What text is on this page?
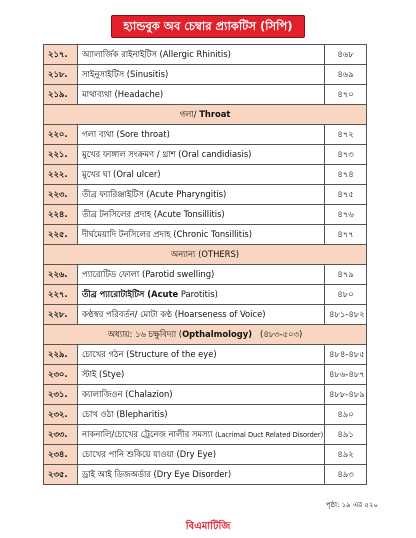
হ্যান্ডবুক অব চেম্বার প্র্যাকটিস (সিপি)
২১৭.	অ্যালার্জিক রাইনাইটিস (Allergic Rhinitis)	৪৬৮
২১৮.	সাইনুসাইটিস (Sinusitis)	৪৬৯
২১৯.	মাথাব্যথা (Headache)	৪৭০
গলা/ Throat		
২২০.	গলা ব্যথা (Sore throat)	৪৭২
২২১.	মুখের ফাঙ্গাল সংক্রমণ / থ্রাশ (Oral candidiasis)	৪৭৩
২২২.	মুখের ঘা (Oral ulcer)	৪৭৪
২২৩.	তীব্র ফ্যারিঞ্জাইটিস (Acute Pharyngitis)	৪৭৫
২২৪.	তীব্র টনসিলের প্রদাহ (Acute Tonsillitis)	৪৭৬
২২৫.	দীর্ঘমেয়াদি টনসিলের প্রদাহ (Chronic Tonsillitis)	৪৭৭
অন্যান্য (OTHERS)		
২২৬.	প্যারোটিড ফোলা (Parotid swelling)	৪৭৯
২২৭.	তীব্র প্যারোটাইটিস (Acute Parotitis)	৪৮০
২২৮.	কণ্ঠস্বর পরিবর্তন/ মোটা কণ্ঠ (Hoarseness of Voice)	৪৮১-৪৮২
অধ্যায়: ১৬ চক্ষুবিদ্যা (Opthalmology)   (৪৮৩-৫০৩)		
২২৯.	চোখের গঠন (Structure of the eye)	৪৮৪-৪৮৫
২৩০.	স্টাই (Stye)	৪৮৬-৪৮৭
২৩১.	ক্যালাজিওন (Chalazion)	৪৮৮-৪৮৯
২৩২.	চোখ ওঠা (Blepharitis)	৪৯০
২৩৩.	নাকনালি/চোখের ট্রেনেজ নালীর সমস্যা (Lacrimal Duct Related Disorder)	৪৯১
২৩৪.	চোখের পানি শুকিয়ে যাওয়া (Dry Eye)	৪৯২
২৩৫.	ড্রাই আই ডিজঅর্ডার (Dry Eye Disorder)	৪৯৩
পৃষ্ঠা: ১৯ এর ৫২০
বিএমাটিজি
